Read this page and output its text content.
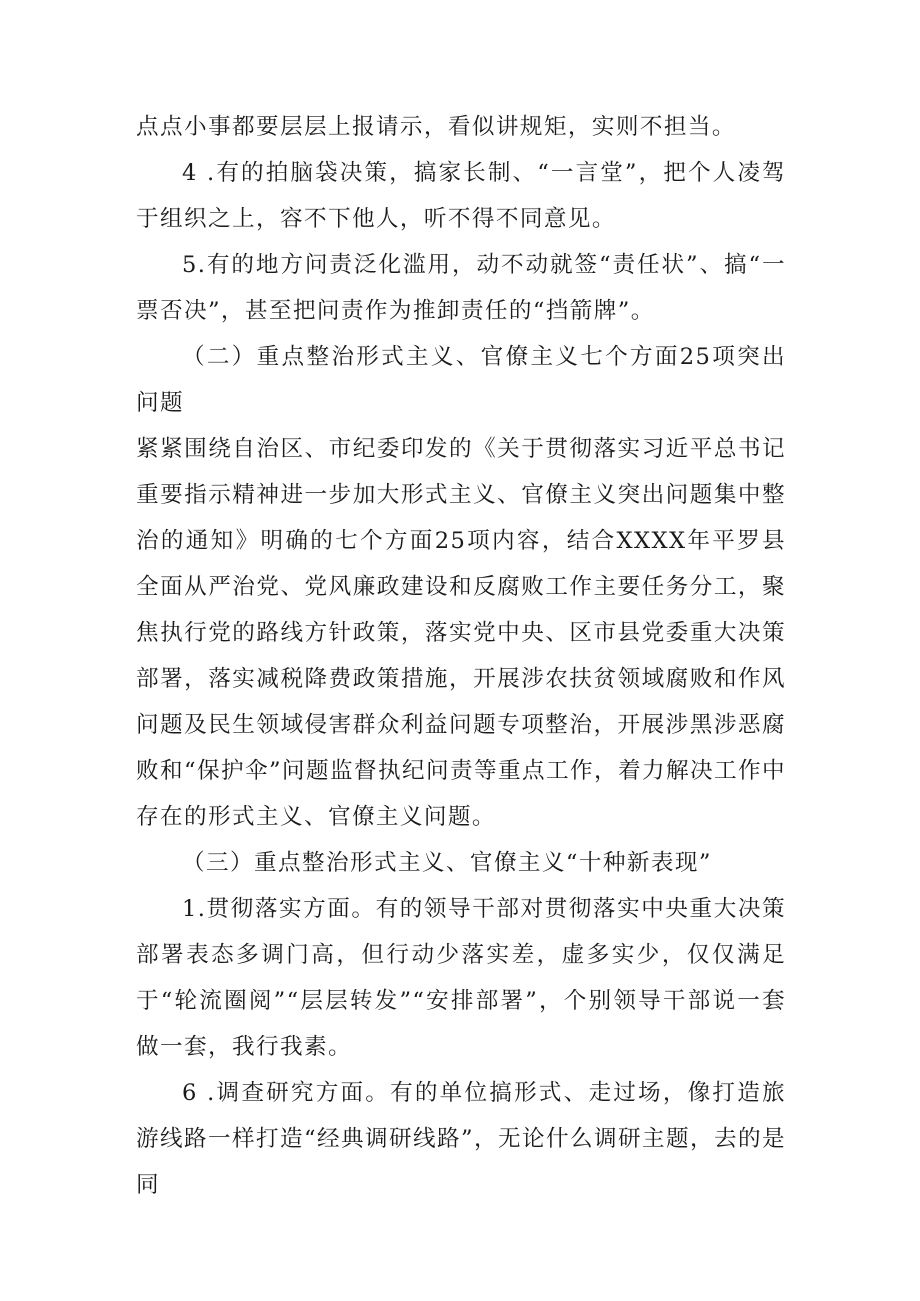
点点小事都要层层上报请示，看似讲规矩，实则不担当。

4 .有的拍脑袋决策，搞家长制、“一言堂”，把个人凌驾于组织之上，容不下他人，听不得不同意见。

5.有的地方问责泛化滥用，动不动就签“责任状”、搞“一票否决”，甚至把问责作为推卸责任的“挡箭牌”。

（二）重点整治形式主义、官僚主义七个方面25项突出问题

紧紧围绕自治区、市纪委印发的《关于贯彻落实习近平总书记重要指示精神进一步加大形式主义、官僚主义突出问题集中整治的通知》明确的七个方面25项内容，结合XXXX年平罗县全面从严治党、党风廉政建设和反腐败工作主要任务分工，聚焦执行党的路线方针政策，落实党中央、区市县党委重大决策部署，落实减税降费政策措施，开展涉农扶贫领域腐败和作风问题及民生领域侵害群众利益问题专项整治，开展涉黑涉恶腐败和“保护伞”问题监督执纪问责等重点工作，着力解决工作中存在的形式主义、官僚主义问题。

（三）重点整治形式主义、官僚主义“十种新表现”

1.贯彻落实方面。有的领导干部对贯彻落实中央重大决策部署表态多调门高，但行动少落实差，虚多实少，仅仅满足于“轮流圈阅”“层层转发”“安排部署”，个别领导干部说一套做一套，我行我素。

6 .调查研究方面。有的单位搞形式、走过场，像打造旅游线路一样打造“经典调研线路”，无论什么调研主题，去的是同
